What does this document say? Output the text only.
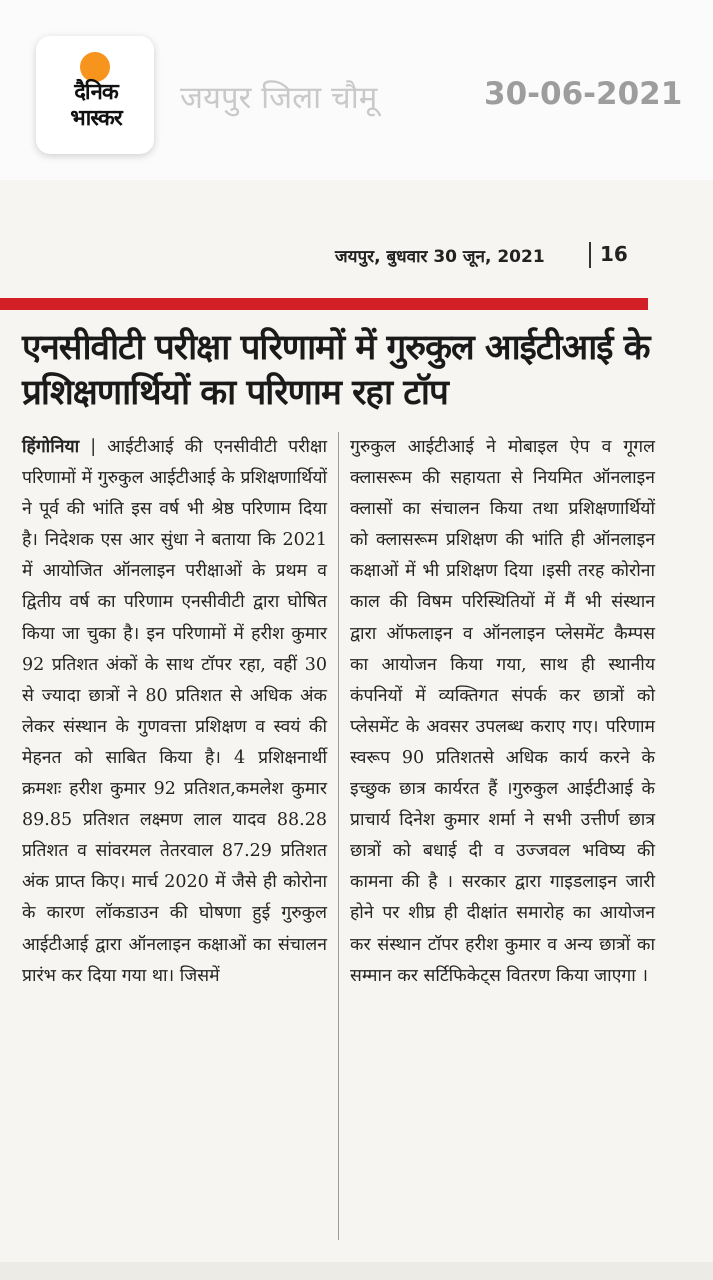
दैनिक भास्कर
जयपुर जिला चौमू	30-06-2021
जयपुर, बुधवार 30 जून, 2021	16
एनसीवीटी परीक्षा परिणामों में गुरुकुल आईटीआई के प्रशिक्षणार्थियों का परिणाम रहा टॉप
हिंगोनिया | आईटीआई की एनसीवीटी परीक्षा परिणामों में गुरुकुल आईटीआई के प्रशिक्षणार्थियों ने पूर्व की भांति इस वर्ष भी श्रेष्ठ परिणाम दिया है। निदेशक एस आर सुंधा ने बताया कि 2021 में आयोजित ऑनलाइन परीक्षाओं के प्रथम व द्वितीय वर्ष का परिणाम एनसीवीटी द्वारा घोषित किया जा चुका है। इन परिणामों में हरीश कुमार 92 प्रतिशत अंकों के साथ टॉपर रहा, वहीं 30 से ज्यादा छात्रों ने 80 प्रतिशत से अधिक अंक लेकर संस्थान के गुणवत्ता प्रशिक्षण व स्वयं की मेहनत को साबित किया है। 4 प्रशिक्षनार्थी क्रमशः हरीश कुमार 92 प्रतिशत,कमलेश कुमार 89.85 प्रतिशत लक्ष्मण लाल यादव 88.28 प्रतिशत व सांवरमल तेतरवाल 87.29 प्रतिशत अंक प्राप्त किए। मार्च 2020 में जैसे ही कोरोना के कारण लॉकडाउन की घोषणा हुई गुरुकुल आईटीआई द्वारा ऑनलाइन कक्षाओं का संचालन प्रारंभ कर दिया गया था। जिसमें
गुरुकुल आईटीआई ने मोबाइल ऐप व गूगल क्लासरूम की सहायता से नियमित ऑनलाइन क्लासों का संचालन किया तथा प्रशिक्षणार्थियों को क्लासरूम प्रशिक्षण की भांति ही ऑनलाइन कक्षाओं में भी प्रशिक्षण दिया ।इसी तरह कोरोना काल की विषम परिस्थितियों में मैं भी संस्थान द्वारा ऑफलाइन व ऑनलाइन प्लेसमेंट कैम्पस का आयोजन किया गया, साथ ही स्थानीय कंपनियों में व्यक्तिगत संपर्क कर छात्रों को प्लेसमेंट के अवसर उपलब्ध कराए गए। परिणाम स्वरूप 90 प्रतिशतसे अधिक कार्य करने के इच्छुक छात्र कार्यरत हैं ।गुरुकुल आईटीआई के प्राचार्य दिनेश कुमार शर्मा ने सभी उत्तीर्ण छात्र छात्रों को बधाई दी व उज्जवल भविष्य की कामना की है । सरकार द्वारा गाइडलाइन जारी होने पर शीघ्र ही दीक्षांत समारोह का आयोजन कर संस्थान टॉपर हरीश कुमार व अन्य छात्रों का सम्मान कर सर्टिफिकेट्स वितरण किया जाएगा ।
